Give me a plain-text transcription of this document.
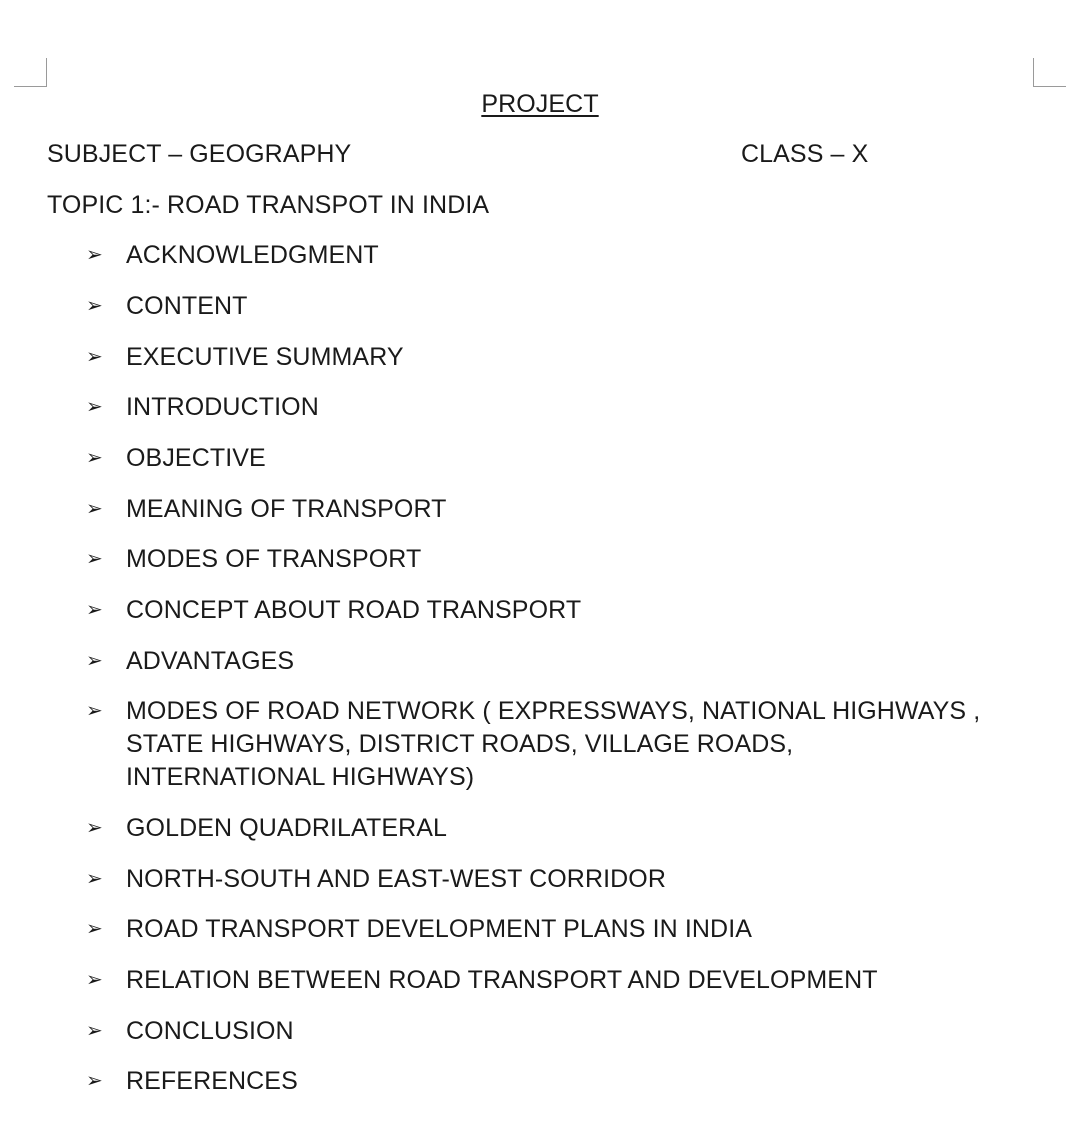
PROJECT
SUBJECT – GEOGRAPHY	CLASS – X
TOPIC 1:- ROAD TRANSPOT IN INDIA
➢ ACKNOWLEDGMENT
➢ CONTENT
➢ EXECUTIVE SUMMARY
➢ INTRODUCTION
➢ OBJECTIVE
➢ MEANING OF TRANSPORT
➢ MODES OF TRANSPORT
➢ CONCEPT ABOUT ROAD TRANSPORT
➢ ADVANTAGES
➢ MODES OF ROAD NETWORK ( EXPRESSWAYS, NATIONAL HIGHWAYS , STATE HIGHWAYS, DISTRICT ROADS, VILLAGE ROADS, INTERNATIONAL HIGHWAYS)
➢ GOLDEN QUADRILATERAL
➢ NORTH-SOUTH AND EAST-WEST CORRIDOR
➢ ROAD TRANSPORT DEVELOPMENT PLANS IN INDIA
➢ RELATION BETWEEN ROAD TRANSPORT AND DEVELOPMENT
➢ CONCLUSION
➢ REFERENCES
